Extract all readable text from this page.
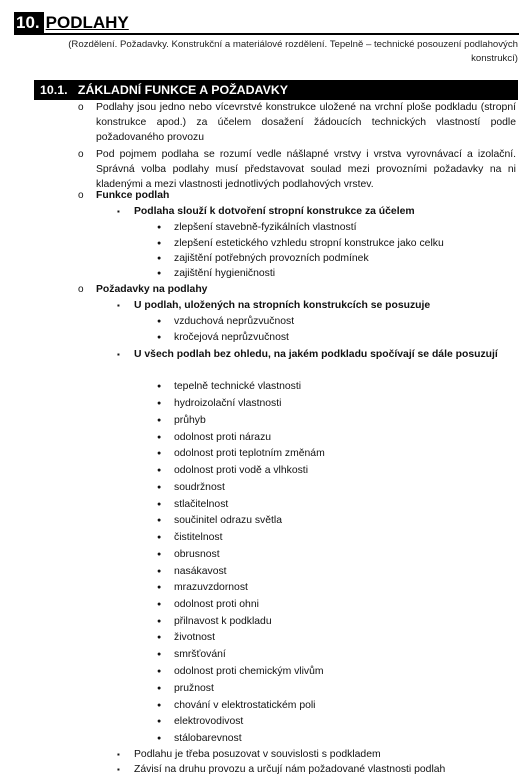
10. PODLAHY
(Rozdělení. Požadavky. Konstrukční a materiálové rozdělení. Tepelně – technické posouzení podlahových konstrukcí)
10.1. ZÁKLADNÍ FUNKCE A POŽADAVKY
o Podlahy jsou jedno nebo vícevrstvé konstrukce uložené na vrchní ploše podkladu (stropní konstrukce apod.) za účelem dosažení žádoucích technických vlastností podle požadovaného provozu
o Pod pojmem podlaha se rozumí vedle nášlapné vrstvy i vrstva vyrovnávací a izolační. Správná volba podlahy musí představovat soulad mezi provozními požadavky na ni kladenými a mezi vlastnosti jednotlivých podlahových vrstev.
o Funkce podlah
▪ Podlaha slouží k dotvoření stropní konstrukce za účelem
● zlepšení stavebně-fyzikálních vlastností
● zlepšení estetického vzhledu stropní konstrukce jako celku
● zajištění potřebných provozních podmínek
● zajištění hygieničnosti
o Požadavky na podlahy
▪ U podlah, uložených na stropních konstrukcích se posuzuje
● vzduchová neprůzvučnost
● kročejová neprůzvučnost
▪ U všech podlah bez ohledu, na jakém podkladu spočívají se dále posuzují
● tepelně technické vlastnosti
● hydroizolační vlastnosti
● průhyb
● odolnost proti nárazu
● odolnost proti teplotním změnám
● odolnost proti vodě a vlhkosti
● soudržnost
● stlačitelnost
● součinitel odrazu světla
● čistitelnost
● obrusnost
● nasákavost
● mrazuvzdornost
● odolnost proti ohni
● přilnavost k podkladu
● životnost
● smršťování
● odolnost proti chemickým vlivům
● pružnost
● chování v elektrostatickém poli
● elektrovodivost
● stálobarevnost
▪ Podlahu je třeba posuzovat v souvislosti s podkladem
▪ Závisí na druhu provozu a určují nám požadované vlastnosti podlah
